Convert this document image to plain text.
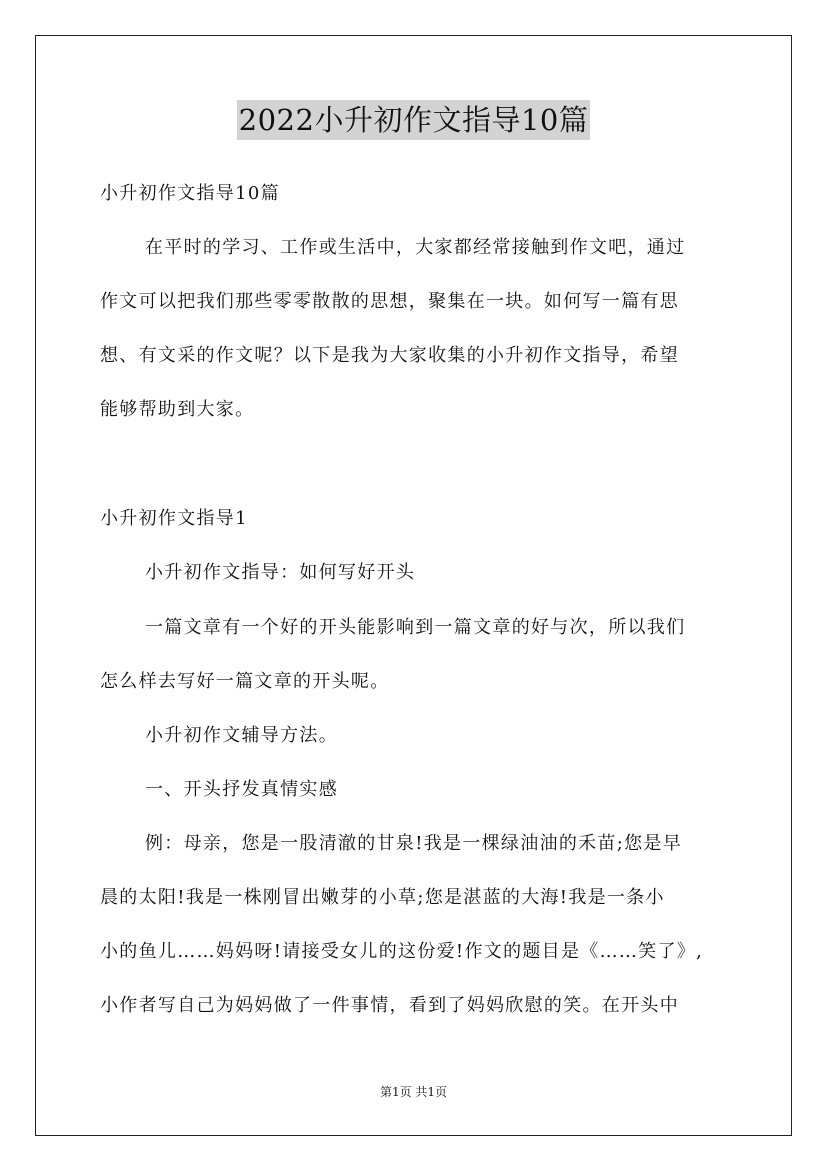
2022小升初作文指导10篇
小升初作文指导10篇
在平时的学习、工作或生活中，大家都经常接触到作文吧，通过
作文可以把我们那些零零散散的思想，聚集在一块。如何写一篇有思
想、有文采的作文呢？以下是我为大家收集的小升初作文指导，希望
能够帮助到大家。
小升初作文指导1
小升初作文指导：如何写好开头
一篇文章有一个好的开头能影响到一篇文章的好与次，所以我们
怎么样去写好一篇文章的开头呢。
小升初作文辅导方法。
一、开头抒发真情实感
例：母亲，您是一股清澈的甘泉!我是一棵绿油油的禾苗;您是早
晨的太阳!我是一株刚冒出嫩芽的小草;您是湛蓝的大海!我是一条小
小的鱼儿……妈妈呀!请接受女儿的这份爱!作文的题目是《……笑了》,
小作者写自己为妈妈做了一件事情，看到了妈妈欣慰的笑。在开头中
第1页 共1页
